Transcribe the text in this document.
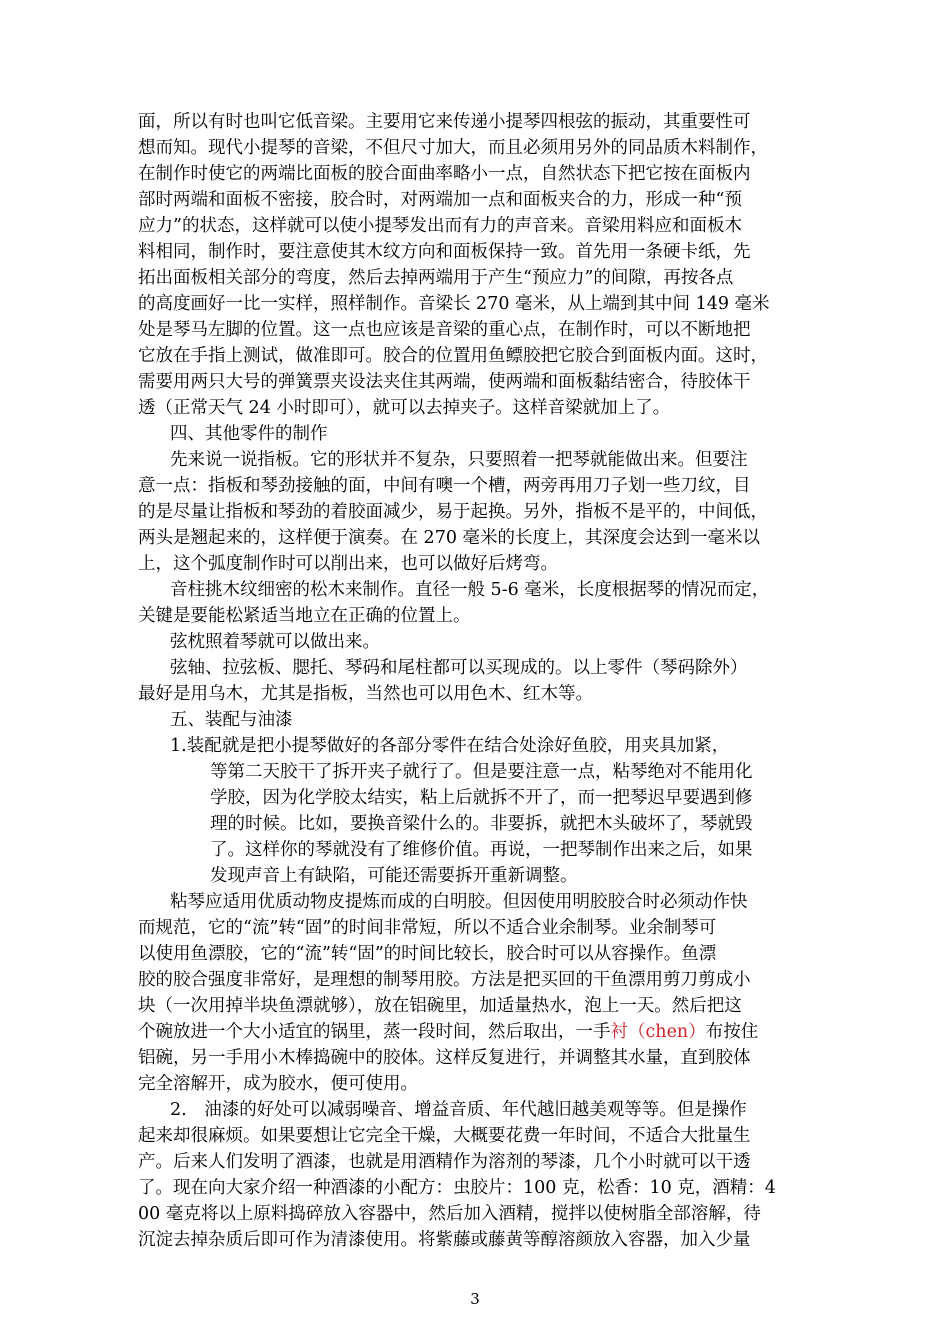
面，所以有时也叫它低音梁。主要用它来传递小提琴四根弦的振动，其重要性可
想而知。现代小提琴的音梁，不但尺寸加大，而且必须用另外的同品质木料制作，
在制作时使它的两端比面板的胶合面曲率略小一点，自然状态下把它按在面板内
部时两端和面板不密接，胶合时，对两端加一点和面板夹合的力，形成一种“预
应力”的状态，这样就可以使小提琴发出而有力的声音来。音梁用料应和面板木
料相同，制作时，要注意使其木纹方向和面板保持一致。首先用一条硬卡纸，先
拓出面板相关部分的弯度，然后去掉两端用于产生“预应力”的间隙，再按各点
的高度画好一比一实样，照样制作。音梁长 270 毫米，从上端到其中间 149 毫米
处是琴马左脚的位置。这一点也应该是音梁的重心点，在制作时，可以不断地把
它放在手指上测试，做准即可。胶合的位置用鱼鳔胶把它胶合到面板内面。这时，
需要用两只大号的弹簧票夹设法夹住其两端，使两端和面板黏结密合，待胶体干
透（正常天气 24 小时即可），就可以去掉夹子。这样音梁就加上了。
四、其他零件的制作
先来说一说指板。它的形状并不复杂，只要照着一把琴就能做出来。但要注
意一点：指板和琴劲接触的面，中间有噢一个槽，两旁再用刀子划一些刀纹，目
的是尽量让指板和琴劲的着胶面减少，易于起换。另外，指板不是平的，中间低，
两头是翘起来的，这样便于演奏。在 270 毫米的长度上，其深度会达到一毫米以
上，这个弧度制作时可以削出来，也可以做好后烤弯。
音柱挑木纹细密的松木来制作。直径一般 5-6 毫米，长度根据琴的情况而定，
关键是要能松紧适当地立在正确的位置上。
弦枕照着琴就可以做出来。
弦轴、拉弦板、腮托、琴码和尾柱都可以买现成的。以上零件（琴码除外）
最好是用乌木，尤其是指板，当然也可以用色木、红木等。
五、装配与油漆
1.装配就是把小提琴做好的各部分零件在结合处涂好鱼胶，用夹具加紧，
等第二天胶干了拆开夹子就行了。但是要注意一点，粘琴绝对不能用化
学胶，因为化学胶太结实，粘上后就拆不开了，而一把琴迟早要遇到修
理的时候。比如，要换音梁什么的。非要拆，就把木头破坏了，琴就毁
了。这样你的琴就没有了维修价值。再说，一把琴制作出来之后，如果
发现声音上有缺陷，可能还需要拆开重新调整。
粘琴应适用优质动物皮提炼而成的白明胶。但因使用明胶胶合时必须动作快
而规范，它的“流”转“固”的时间非常短，所以不适合业余制琴。业余制琴可
以使用鱼漂胶，它的“流”转“固”的时间比较长，胶合时可以从容操作。鱼漂
胶的胶合强度非常好，是理想的制琴用胶。方法是把买回的干鱼漂用剪刀剪成小
块（一次用掉半块鱼漂就够），放在铝碗里，加适量热水，泡上一天。然后把这
个碗放进一个大小适宜的锅里，蒸一段时间，然后取出，一手衬（chen）布按住
铝碗，另一手用小木棒捣碗中的胶体。这样反复进行，并调整其水量，直到胶体
完全溶解开，成为胶水，便可使用。
2.　油漆的好处可以减弱噪音、增益音质、年代越旧越美观等等。但是操作
起来却很麻烦。如果要想让它完全干燥，大概要花费一年时间，不适合大批量生
产。后来人们发明了酒漆，也就是用酒精作为溶剂的琴漆，几个小时就可以干透
了。现在向大家介绍一种酒漆的小配方：虫胶片：100 克，松香：10 克，酒精：4
00 毫克将以上原料捣碎放入容器中，然后加入酒精，搅拌以使树脂全部溶解，待
沉淀去掉杂质后即可作为清漆使用。将紫藤或藤黄等醇溶颜放入容器，加入少量
3
